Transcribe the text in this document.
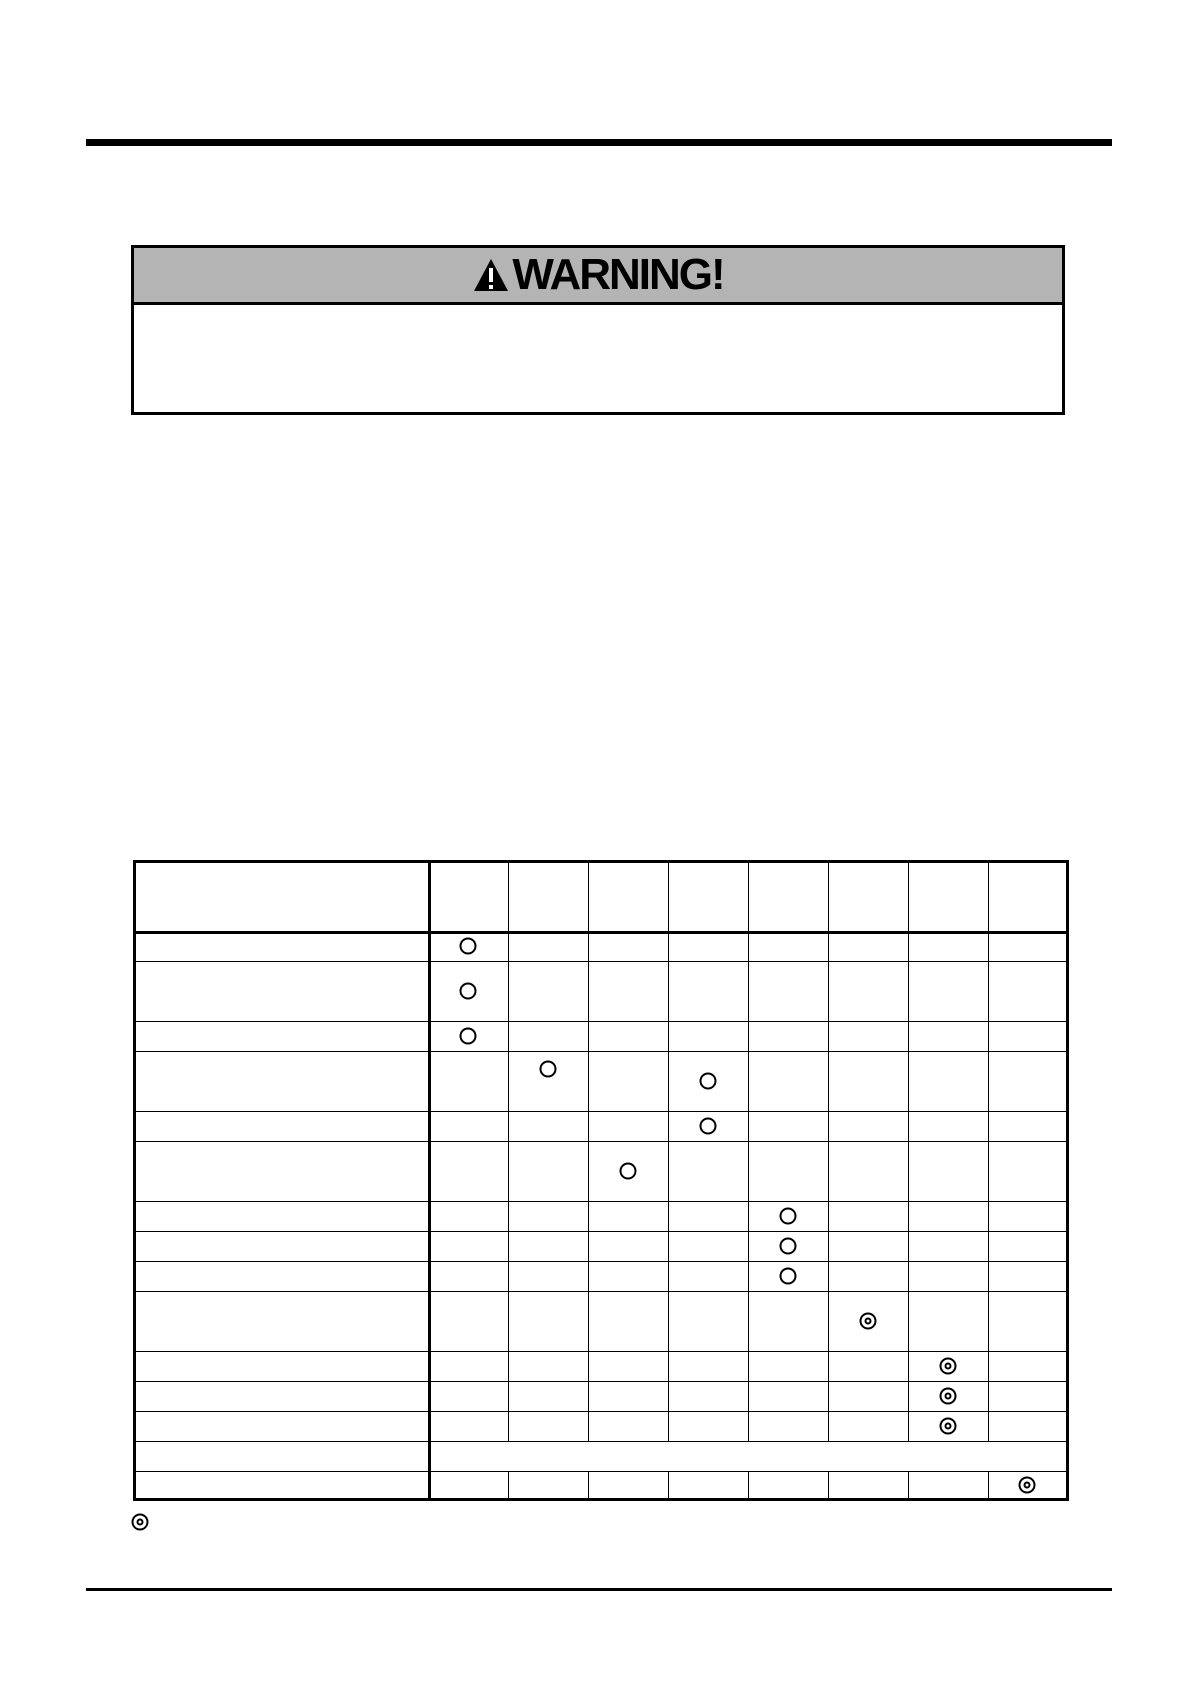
WARNING!
